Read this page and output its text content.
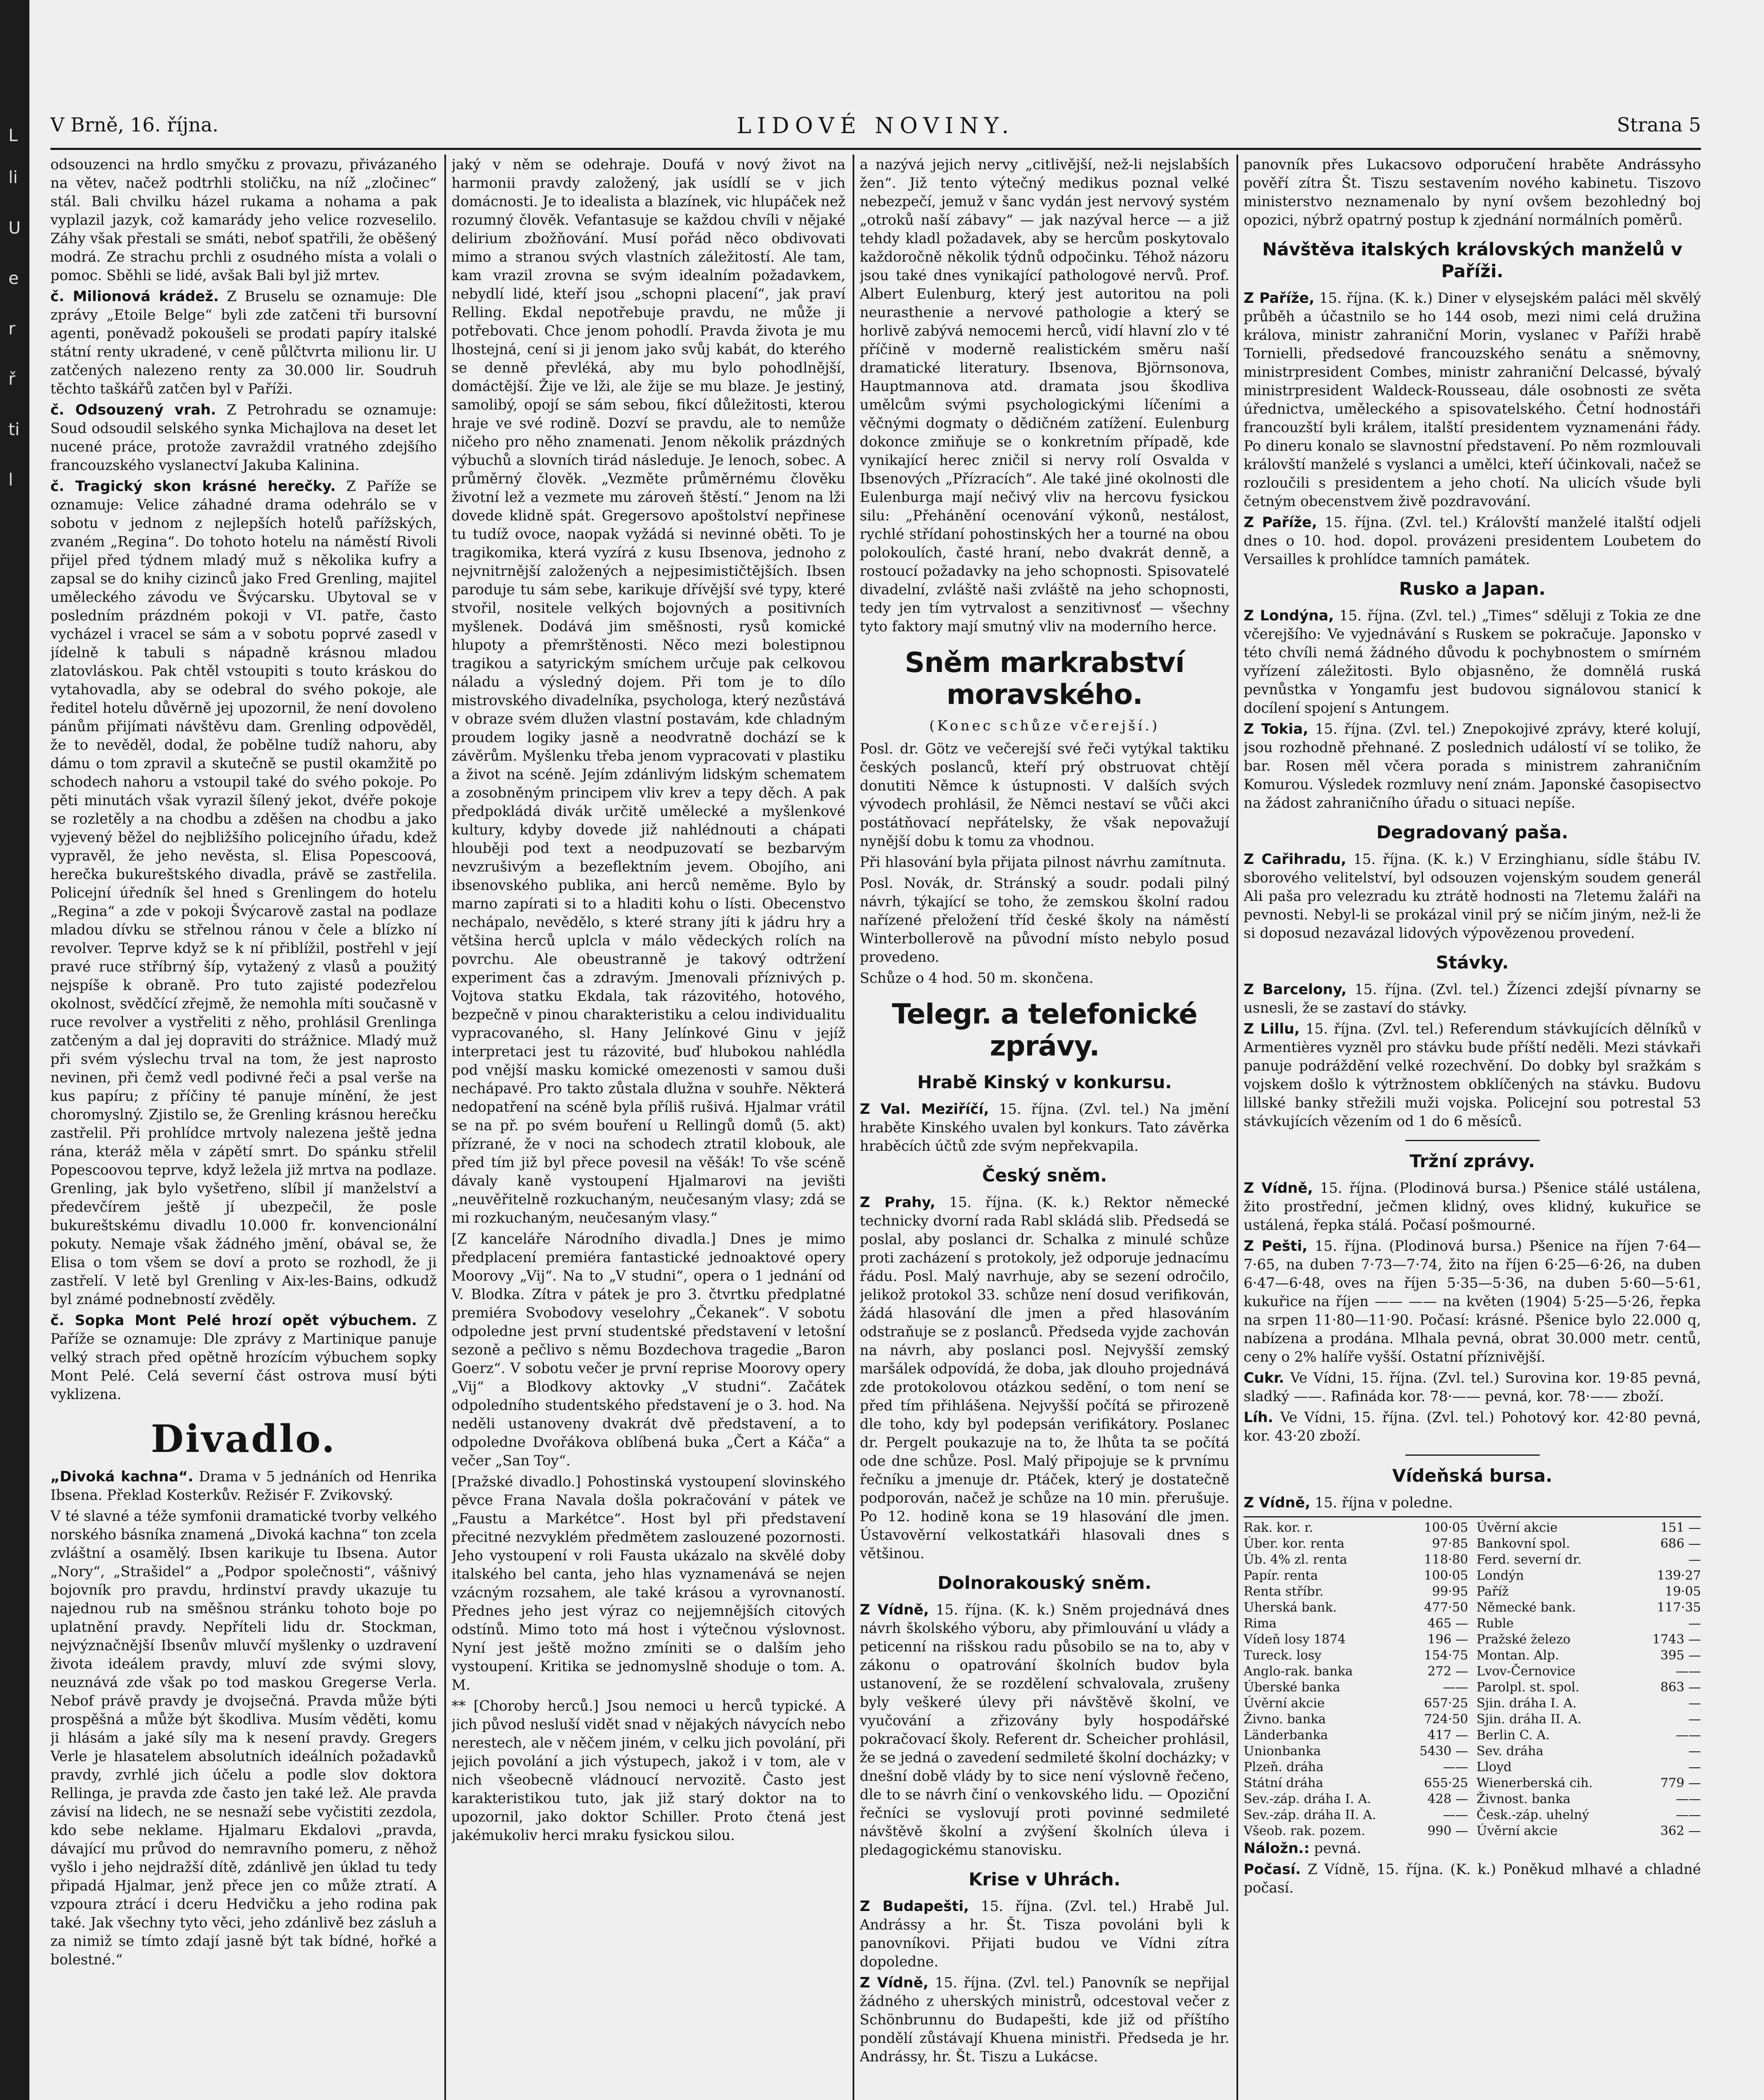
L
li
U
e
r
ř
ti
l
V Brně, 16. října.	LIDOVÉ NOVINY.	Strana 5

odsouzenci na hrdlo smyčku z provazu, přivázaného na větev, načež podtrhli stoličku, na níž „zločinec“ stál. Bali chvilku házel rukama a nohama a pak vyplazil jazyk, což kamarády jeho velice rozveselilo. Záhy však přestali se smáti, neboť spatřili, že oběšený modrá. Ze strachu prchli z osudného místa a volali o pomoc. Sběhli se lidé, avšak Bali byl již mrtev.

č. Milionová krádež. Z Bruselu se oznamuje: Dle zprávy „Etoile Belge“ byli zde zatčeni tři bursovní agenti, poněvadž pokoušeli se prodati papíry italské státní renty ukradené, v ceně půlčtvrta milionu lir. U zatčených nalezeno renty za 30.000 lir. Soudruh těchto taškářů zatčen byl v Paříži.

č. Odsouzený vrah. Z Petrohradu se oznamuje: Soud odsoudil selského synka Michajlova na deset let nucené práce, protože zavraždil vratného zdejšího francouzského vyslanectví Jakuba Kalinina.

č. Tragický skon krásné herečky. Z Paříže se oznamuje: Velice záhadné drama odehrálo se v sobotu v jednom z nejlepších hotelů pařížských, zvaném „Regina“. Do tohoto hotelu na náměstí Rivoli přijel před týdnem mladý muž s několika kufry a zapsal se do knihy cizinců jako Fred Grenling, majitel uměleckého závodu ve Švýcarsku. Ubytoval se v posledním prázdném pokoji v VI. patře, často vycházel i vracel se sám a v sobotu poprvé zasedl v jídelně k tabuli s nápadně krásnou mladou zlatovláskou. Pak chtěl vstoupiti s touto kráskou do vytahovadla, aby se odebral do svého pokoje, ale ředitel hotelu důvěrně jej upozornil, že není dovoleno pánům přijímati návštěvu dam. Grenling odpověděl, že to nevěděl, dodal, že pobělne tudíž nahoru, aby dámu o tom zpravil a skutečně se pustil okamžitě po schodech nahoru a vstoupil také do svého pokoje. Po pěti minutách však vyrazil šílený jekot, dvéře pokoje se rozletěly a na chodbu a zděšen na chodbu a jako vyjevený běžel do nejbližšího policejního úřadu, kdež vypravěl, že jeho nevěsta, sl. Elisa Popescoová, herečka bukureštského divadla, právě se zastřelila. Policejní úředník šel hned s Grenlingem do hotelu „Regina“ a zde v pokoji Švýcarově zastal na podlaze mladou dívku se střelnou ránou v čele a blízko ní revolver. Teprve když se k ní přiblížil, postřehl v její pravé ruce stříbrný šíp, vytažený z vlasů a použitý nejspíše k obraně. Pro tuto zajisté podezřelou okolnost, svědčící zřejmě, že nemohla míti současně v ruce revolver a vystřeliti z něho, prohlásil Grenlinga zatčeným a dal jej dopraviti do strážnice. Mladý muž při svém výslechu trval na tom, že jest naprosto nevinen, při čemž vedl podivné řeči a psal verše na kus papíru; z příčiny té panuje mínění, že jest choromyslný. Zjistilo se, že Grenling krásnou herečku zastřelil. Při prohlídce mrtvoly nalezena ještě jedna rána, kteráž měla v zápětí smrt. Do spánku střelil Popescoovou teprve, když ležela již mrtva na podlaze. Grenling, jak bylo vyšetřeno, slíbil jí manželství a předevčírem ještě jí ubezpečil, že posle bukureštskému divadlu 10.000 fr. konvencionální pokuty. Nemaje však žádného jmění, obával se, že Elisa o tom všem se doví a proto se rozhodl, že ji zastřelí. V letě byl Grenling v Aix-les-Bains, odkudž byl známé podnebností zvěděly.

č. Sopka Mont Pelé hrozí opět výbuchem. Z Paříže se oznamuje: Dle zprávy z Martinique panuje velký strach před opětně hrozícím výbuchem sopky Mont Pelé. Celá severní část ostrova musí býti vyklizena.

Divadlo.

„Divoká kachna“. Drama v 5 jednáních od Henrika Ibsena. Překlad Kosterkův. Režisér F. Zvikovský.

V té slavné a téže symfonii dramatické tvorby velkého norského básníka znamená „Divoká kachna“ ton zcela zvláštní a osamělý. Ibsen karikuje tu Ibsena. Autor „Nory“, „Strašidel“ a „Podpor společnosti“, vášnivý bojovník pro pravdu, hrdinství pravdy ukazuje tu najednou rub na směšnou stránku tohoto boje po uplatnění pravdy. Nepříteli lidu dr. Stockman, nejvýznačnější Ibsenův mluvčí myšlenky o uzdravení života ideálem pravdy, mluví zde svými slovy, neuznává zde však po tod maskou Gregerse Verla. Nebof právě pravdy je dvojsečná. Pravda může býti prospěšná a může být škodliva. Musím věděti, komu ji hlásám a jaké síly ma k nesení pravdy. Gregers Verle je hlasatelem absolutních ideálních požadavků pravdy, zvrhlé jich účelu a podle slov doktora Rellinga, je pravda zde často jen také lež. Ale pravda závisí na lidech, ne se nesnaží sebe vyčistiti zezdola, kdo sebe neklame. Hjalmaru Ekdalovi „pravda, dávající mu průvod do nemravního pomeru, z něhož vyšlo i jeho nejdražší dítě, zdánlivě jen úklad tu tedy připadá Hjalmar, jenž přece jen co může ztratí. A vzpoura ztrácí i dceru Hedvičku a jeho rodina pak také. Jak všechny tyto věci, jeho zdánlivě bez zásluh a za nimiž se tímto zdají jasně být tak bídné, hořké a bolestné.“

jaký v něm se odehraje. Doufá v nový život na harmonii pravdy založený, jak usídlí se v jich domácnosti. Je to idealista a blazínek, vic hlupáček než rozumný člověk. Vefantasuje se každou chvíli v nějaké delirium zbožňování. Musí pořád něco obdivovati mimo a stranou svých vlastních záležitostí. Ale tam, kam vrazil zrovna se svým idealním požadavkem, nebydlí lidé, kteří jsou „schopni placení“, jak praví Relling. Ekdal nepotřebuje pravdu, ne může ji potřebovati. Chce jenom pohodlí. Pravda života je mu lhostejná, cení si ji jenom jako svůj kabát, do kterého se denně převléká, aby mu bylo pohodlnější, domáctější. Žije ve lži, ale žije se mu blaze. Je jestiný, samolibý, opojí se sám sebou, fikcí důležitosti, kterou hraje ve své rodině. Dozví se pravdu, ale to nemůže ničeho pro něho znamenati. Jenom několik prázdných výbuchů a slovních tirád následuje. Je lenoch, sobec. A průměrný člověk. „Vezměte průměrnému člověku životní lež a vezmete mu zároveň štěstí.“ Jenom na lži dovede klidně spát. Gregersovo apoštolství nepřinese tu tudíž ovoce, naopak vyžádá si nevinné oběti. To je tragikomika, která vyzírá z kusu Ibsenova, jednoho z nejvnitrnější založených a nejpesimističtějších. Ibsen paroduje tu sám sebe, karikuje dřívější své typy, které stvořil, nositele velkých bojovných a positivních myšlenek. Dodává jim směšnosti, rysů komické hlupoty a přemrštěnosti. Něco mezi bolestipnou tragikou a satyrickým smíchem určuje pak celkovou náladu a výsledný dojem. Při tom je to dílo mistrovského divadelníka, psychologa, který nezůstává v obraze svém dlužen vlastní postavám, kde chladným proudem logiky jasně a neodvratně dochází se k závěrům. Myšlenku třeba jenom vypracovati v plastiku a život na scéně. Jejím zdánlivým lidským schematem a zosobněným principem vliv krev a tepy děch. A pak předpokládá divák určitě umělecké a myšlenkové kultury, kdyby dovede již nahlédnouti a chápati hlouběji pod text a neodpuzovatí se bezbarvým nevzrušivým a bezeflektním jevem. Obojího, ani ibsenovského publika, ani herců neměme. Bylo by marno zapírati si to a hladiti kohu o lísti. Obecenstvo nechápalo, nevědělo, s které strany jíti k jádru hry a většina herců uplcla v málo vědeckých rolích na povrchu. Ale obeustranně je takový odtržení experiment čas a zdravým. Jmenovali příznivých p. Vojtova statku Ekdala, tak rázovitého, hotového, bezpečně v pinou charakteristiku a celou individualitu vypracovaného, sl. Hany Jelínkové Ginu v jejíž interpretaci jest tu rázovité, buď hlubokou nahlédla pod vnější masku komické omezenosti v samou duši nechápavé. Pro takto zůstala dlužna v souhře. Některá nedopatření na scéně byla příliš rušivá. Hjalmar vrátil se na př. po svém bouření u Rellingů domů (5. akt) přízrané, že v noci na schodech ztratil klobouk, ale před tím již byl přece povesil na věšák! To vše scéně dávaly kaně vystoupení Hjalmarovi na jevišti „neuvěřitelně rozkuchaným, neučesaným vlasy; zdá se mi rozkuchaným, neučesaným vlasy.“

[Z kanceláře Národního divadla.] Dnes je mimo předplacení premiéra fantastické jednoaktové opery Moorovy „Vij“. Na to „V studni“, opera o 1 jednání od V. Blodka. Zítra v pátek je pro 3. čtvrtku předplatné premiéra Svobodovy veselohry „Čekanek“. V sobotu odpoledne jest první studentské představení v letošní sezoně a pečlivo s němu Bozdechova tragedie „Baron Goerz“. V sobotu večer je první reprise Moorovy opery „Vij“ a Blodkovy aktovky „V studni“. Začátek odpoledního studentského představení je o 3. hod. Na neděli ustanoveny dvakrát dvě představení, a to odpoledne Dvořákova oblíbená buka „Čert a Káča“ a večer „San Toy“.

[Pražské divadlo.] Pohostinská vystoupení slovinského pěvce Frana Navala došla pokračování v pátek ve „Faustu a Markétce“. Host byl při představení přecitné nezvyklém předmětem zaslouzené pozornosti. Jeho vystoupení v roli Fausta ukázalo na skvělé doby italského bel canta, jeho hlas vyznamenává se nejen vzácným rozsahem, ale také krásou a vyrovnaností. Přednes jeho jest výraz co nejjemnějších citových odstínů. Mimo toto má host i výtečnou výslovnost. Nyní jest ještě možno zmíniti se o dalším jeho vystoupení. Kritika se jednomyslně shoduje o tom. A. M.

** [Choroby herců.] Jsou nemoci u herců typické. A jich původ nesluší vidět snad v nějakých návycích nebo nerestech, ale v něčem jiném, v celku jich povolání, při jejich povolání a jich výstupech, jakož i v tom, ale v nich všeobecně vládnoucí nervozitě. Často jest karakteristikou tuto, jak již starý doktor na to upozornil, jako doktor Schiller. Proto čtená jest jakémukoliv herci mraku fysickou silou.

a nazývá jejich nervy „citlivější, než-li nejslabších žen“. Již tento výtečný medikus poznal velké nebezpečí, jemuž v šanc vydán jest nervový systém „otroků naší zábavy“ — jak nazýval herce — a již tehdy kladl požadavek, aby se hercům poskytovalo každoročně několik týdnů odpočinku. Téhož názoru jsou také dnes vynikající pathologové nervů. Prof. Albert Eulenburg, který jest autoritou na poli neurasthenie a nervové pathologie a který se horlivě zabývá nemocemi herců, vidí hlavní zlo v té příčině v moderně realistickém směru naší dramatické literatury. Ibsenova, Björnsonova, Hauptmannova atd. dramata jsou škodliva umělcům svými psychologickými líčeními a věčnými dogmaty o dědičném zatížení. Eulenburg dokonce zmiňuje se o konkretním případě, kde vynikající herec zničil si nervy rolí Osvalda v Ibsenových „Přízracích“. Ale také jiné okolnosti dle Eulenburga mají nečivý vliv na hercovu fysickou silu: „Přehánění ocenování výkonů, nestálost, rychlé střídaní pohostinských her a tourné na obou polokoulích, časté hraní, nebo dvakrát denně, a rostoucí požadavky na jeho schopnosti. Spisovatelé divadelní, zvláště naši zvláště na jeho schopnosti, tedy jen tím vytrvalost a senzitivnosť — všechny tyto faktory mají smutný vliv na moderního herce.

Sněm markrabství moravského.
(Konec schůze včerejší.)

Posl. dr. Götz ve večerejší své řeči vytýkal taktiku českých poslanců, kteří prý obstruovat chtějí donutiti Němce k ústupnosti. V dalších svých vývodech prohlásil, že Němci nestaví se vůči akci postátňovací nepřátelsky, že však nepovažují nynější dobu k tomu za vhodnou.

Při hlasování byla přijata pilnost návrhu zamítnuta.

Posl. Novák, dr. Stránský a soudr. podali pilný návrh, týkající se toho, že zemskou školní radou nařízené přeložení tříd české školy na náměstí Winterbollerově na původní místo nebylo posud provedeno.

Schůze o 4 hod. 50 m. skončena.

Telegr. a telefonické zprávy.
Hrabě Kinský v konkursu.

Z Val. Meziříčí, 15. října. (Zvl. tel.) Na jmění hraběte Kinského uvalen byl konkurs. Tato závěrka hraběcích účtů zde svým nepřekvapila.

Český sněm.

Z Prahy, 15. října. (K. k.) Rektor německé technicky dvorní rada Rabl skládá slib. Předsedá se poslal, aby poslanci dr. Schalka z minulé schůze proti zacházení s protokoly, jež odporuje jednacímu řádu. Posl. Malý navrhuje, aby se sezení odročilo, jelikož protokol 33. schůze není dosud verifikován, žádá hlasování dle jmen a před hlasováním odstraňuje se z poslanců. Předseda vyjde zachován na návrh, aby poslanci posl. Nejvyšší zemský maršálek odpovídá, že doba, jak dlouho projednává zde protokolovou otázkou sedění, o tom není se před tím přihlášena. Nejvyšší počítá se přirozeně dle toho, kdy byl podepsán verifikátory. Poslanec dr. Pergelt poukazuje na to, že lhůta ta se počítá ode dne schůze. Posl. Malý připojuje se k prvnímu řečníku a jmenuje dr. Ptáček, který je dostatečně podporován, načež je schůze na 10 min. přerušuje. Po 12. hodině kona se 19 hlasování dle jmen. Ústavověrní velkostatkáři hlasovali dnes s většinou.

Dolnorakouský sněm.

Z Vídně, 15. října. (K. k.) Sněm projednává dnes návrh školského výboru, aby přimlouvání u vlády a peticenní na rišskou radu působilo se na to, aby v zákonu o opatrování školních budov byla ustanovení, že se rozdělení schvalovala, zrušeny byly veškeré úlevy při návštěvě školní, ve vyučování a zřizovány byly hospodářské pokračovací školy. Referent dr. Scheicher prohlásil, že se jedná o zavedení sedmileté školní docházky; v dnešní době vlády by to sice není výslovně řečeno, dle to se návrh činí o venkovského lidu. — Opoziční řečníci se vyslovují proti povinné sedmileté návštěvě školní a zvýšení školních úleva i pledagogickému stanovisku.

Krise v Uhrách.

Z Budapešti, 15. října. (Zvl. tel.) Hrabě Jul. Andrássy a hr. Št. Tisza povoláni byli k panovníkovi. Přijati budou ve Vídni zítra dopoledne.

Z Vídně, 15. října. (Zvl. tel.) Panovník se nepřijal žádného z uherských ministrů, odcestoval večer z Schönbrunnu do Budapešti, kde již od příštího pondělí zůstávají Khuena ministři. Předseda je hr. Andrássy, hr. Št. Tiszu a Lukácse.

panovník přes Lukacsovo odporučení hraběte Andrássyho pověří zítra Št. Tiszu sestavením nového kabinetu. Tiszovo ministerstvo neznamenalo by nyní ovšem bezohledný boj opozici, nýbrž opatrný postup k zjednání normálních poměrů.

Návštěva italských královských manželů v Paříži.

Z Paříže, 15. října. (K. k.) Diner v elysejském paláci měl skvělý průběh a účastnilo se ho 144 osob, mezi nimi celá družina králova, ministr zahraniční Morin, vyslanec v Paříži hrabě Tornielli, předsedové francouzského senátu a sněmovny, ministrpresident Combes, ministr zahraniční Delcassé, bývalý ministrpresident Waldeck-Rousseau, dále osobnosti ze světa úřednictva, uměleckého a spisovatelského. Četní hodnostáři francouzští byli králem, italští presidentem vyznamenáni řády. Po dineru konalo se slavnostní představení. Po něm rozmlouvali královští manželé s vyslanci a umělci, kteří účinkovali, načež se rozloučili s presidentem a jeho chotí. Na ulicích všude byli četným obecenstvem živě pozdravování.

Z Paříže, 15. října. (Zvl. tel.) Královští manželé italští odjeli dnes o 10. hod. dopol. provázeni presidentem Loubetem do Versailles k prohlídce tamních památek.

Rusko a Japan.

Z Londýna, 15. října. (Zvl. tel.) „Times“ sděluji z Tokia ze dne včerejšího: Ve vyjednávání s Ruskem se pokračuje. Japonsko v této chvíli nemá žádného důvodu k pochybnostem o smírném vyřízení záležitosti. Bylo objasněno, že domnělá ruská pevnůstka v Yongamfu jest budovou signálovou stanicí k docílení spojení s Antungem.

Z Tokia, 15. října. (Zvl. tel.) Znepokojivé zprávy, které kolují, jsou rozhodně přehnané. Z poslednich událostí ví se toliko, že bar. Rosen měl včera porada s ministrem zahraničním Komurou. Výsledek rozmluvy není znám. Japonské časopisectvo na žádost zahraničního úřadu o situaci nepíše.

Degradovaný paša.

Z Cařihradu, 15. října. (K. k.) V Erzinghianu, sídle štábu IV. sborového velitelství, byl odsouzen vojenským soudem generál Ali paša pro velezradu ku ztrátě hodnosti na 7letemu žaláři na pevnosti. Nebyl-li se prokázal vinil prý se ničím jiným, než-li že si doposud nezavázal lidových výpovězenou provedení.

Stávky.

Z Barcelony, 15. října. (Zvl. tel.) Žízenci zdejší pívnarny se usnesli, že se zastaví do stávky.

Z Lillu, 15. října. (Zvl. tel.) Referendum stávkujících dělníků v Armentières vyzněl pro stávku bude příští neděli. Mezi stávkaři panuje podráždění velké rozechvění. Do dobky byl sražkám s vojskem došlo k výtržnostem obklíčených na stávku. Budovu lillské banky střežili muži vojska. Policejní sou potrestal 53 stávkujících vězením od 1 do 6 měsíců.

Tržní zprávy.

Z Vídně, 15. října. (Plodinová bursa.) Pšenice stálé ustálena, žito prostřední, ječmen klidný, oves klidný, kukuřice se ustálená, řepka stálá. Počasí pošmourné.

Z Pešti, 15. října. (Plodinová bursa.) Pšenice na říjen 7·64—7·65, na duben 7·73—7·74, žito na říjen 6·25—6·26, na duben 6·47—6·48, oves na říjen 5·35—5·36, na duben 5·60—5·61, kukuřice na říjen —— —— na květen (1904) 5·25—5·26, řepka na srpen 11·80—11·90. Počasí: krásné. Pšenice bylo 22.000 q, nabízena a prodána. Mlhala pevná, obrat 30.000 metr. centů, ceny o 2% halíře vyšší. Ostatní příznivější.

Cukr. Ve Vídni, 15. října. (Zvl. tel.) Surovina kor. 19·85 pevná, sladký ——. Rafináda kor. 78·—— pevná, kor. 78·—— zboží.

Líh. Ve Vídni, 15. října. (Zvl. tel.) Pohotový kor. 42·80 pevná, kor. 43·20 zboží.

Vídeňská bursa.

Z Vídně, 15. října v poledne.

Rak. kor. r.	100·05 Úvěrní akcie	151 —
Úber. kor. renta	97·85 Bankovní spol.	686 —
Úb. 4% zl. renta	118·80 Ferd. severní dr.	—
Papír. renta	100·05 Londýn	139·27
Renta stříbr.	99·95 Paříž	19·05
Uherská bank.	477·50 Německé bank.	117·35
Rima	465 — Ruble	—
Vídeň losy 1874	196 — Pražské železo	1743 —
Tureck. losy	154·75 Montan. Alp.	395 —
Anglo-rak. banka	272 — Lvov-Černovice	——
Úberské banka	—— Parolpl. st. spol.	863 —
Úvěrní akcie	657·25 Sjin. dráha I. A.	—
Živno. banka	724·50 Sjin. dráha II. A.	—
Länderbanka	417 — Berlin C. A.	——
Unionbanka	5430 — Sev. dráha	—
Plzeň. dráha	—— Lloyd	—
Státní dráha	655·25 Wienerberská cih.	779 —
Sev.-záp. dráha I. A.	428 — Živnost. banka	——
Sev.-záp. dráha II. A.	—— Česk.-záp. uhelný	——
Všeob. rak. pozem.	990 — Úvěrní akcie	362 —

Náložn.: pevná.

Počasí. Z Vídně, 15. října. (K. k.) Poněkud mlhavé a chladné počasí.
